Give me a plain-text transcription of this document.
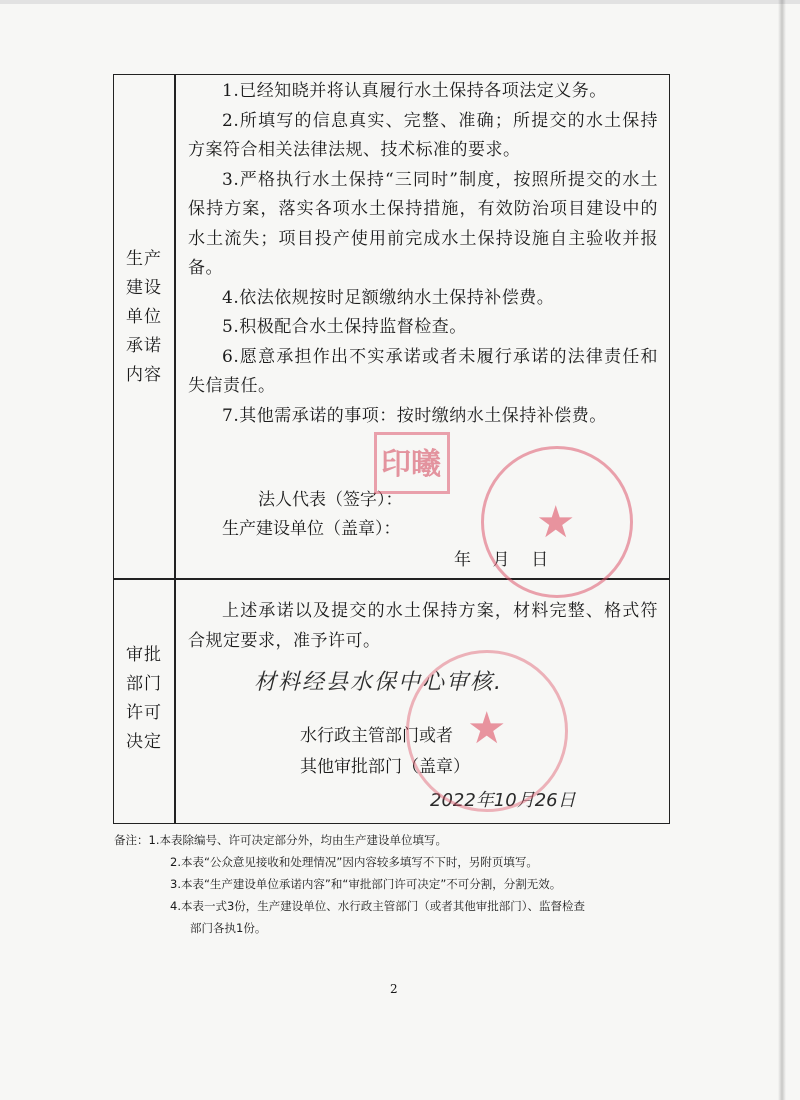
生产
建设
单位
承诺
内容

1.已经知晓并将认真履行水土保持各项法定义务。

2.所填写的信息真实、完整、准确；所提交的水土保持方案符合相关法律法规、技术标准的要求。

3.严格执行水土保持“三同时”制度，按照所提交的水土保持方案，落实各项水土保持措施，有效防治项目建设中的水土流失；项目投产使用前完成水土保持设施自主验收并报备。

4.依法依规按时足额缴纳水土保持补偿费。

5.积极配合水土保持监督检查。

6.愿意承担作出不实承诺或者未履行承诺的法律责任和失信责任。

7.其他需承诺的事项：按时缴纳水土保持补偿费。

法人代表（签字）：
生产建设单位（盖章）：
年    月    日
审批
部门
许可
决定

上述承诺以及提交的水土保持方案，材料完整、格式符合规定要求，准予许可。

材料经县水保中心审核.
水行政主管部门或者
其他审批部门（盖章）
2022年10月26日
印曦
★
★
备注：1.本表除编号、许可决定部分外，均由生产建设单位填写。
2.本表“公众意见接收和处理情况”因内容较多填写不下时，另附页填写。
3.本表“生产建设单位承诺内容”和“审批部门许可决定”不可分割，分割无效。
4.本表一式3份，生产建设单位、水行政主管部门（或者其他审批部门）、监督检查
部门各执1份。
2
